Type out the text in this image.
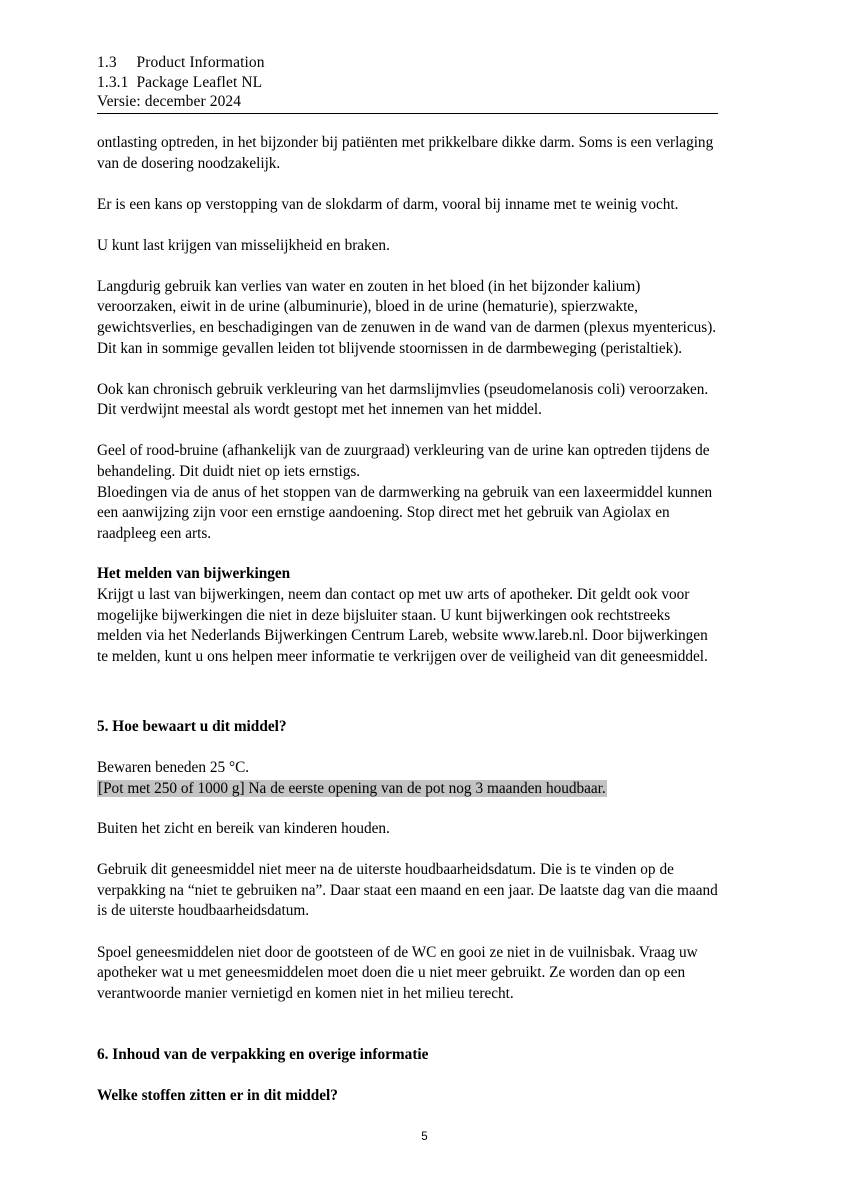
1.3     Product Information
1.3.1  Package Leaflet NL
Versie: december 2024

ontlasting optreden, in het bijzonder bij patiënten met prikkelbare dikke darm. Soms is een verlaging van de dosering noodzakelijk.

Er is een kans op verstopping van de slokdarm of darm, vooral bij inname met te weinig vocht.

U kunt last krijgen van misselijkheid en braken.

Langdurig gebruik kan verlies van water en zouten in het bloed (in het bijzonder kalium) veroorzaken, eiwit in de urine (albuminurie), bloed in de urine (hematurie), spierzwakte, gewichtsverlies, en beschadigingen van de zenuwen in de wand van de darmen (plexus myentericus). Dit kan in sommige gevallen leiden tot blijvende stoornissen in de darmbeweging (peristaltiek).

Ook kan chronisch gebruik verkleuring van het darmslijmvlies (pseudomelanosis coli) veroorzaken. Dit verdwijnt meestal als wordt gestopt met het innemen van het middel.

Geel of rood-bruine (afhankelijk van de zuurgraad) verkleuring van de urine kan optreden tijdens de behandeling. Dit duidt niet op iets ernstigs.

Bloedingen via de anus of het stoppen van de darmwerking na gebruik van een laxeermiddel kunnen een aanwijzing zijn voor een ernstige aandoening. Stop direct met het gebruik van Agiolax en raadpleeg een arts.

Het melden van bijwerkingen

Krijgt u last van bijwerkingen, neem dan contact op met uw arts of apotheker. Dit geldt ook voor mogelijke bijwerkingen die niet in deze bijsluiter staan. U kunt bijwerkingen ook rechtstreeks melden via het Nederlands Bijwerkingen Centrum Lareb, website www.lareb.nl. Door bijwerkingen te melden, kunt u ons helpen meer informatie te verkrijgen over de veiligheid van dit geneesmiddel.

5. Hoe bewaart u dit middel?

Bewaren beneden 25 °C.

[Pot met 250 of 1000 g] Na de eerste opening van de pot nog 3 maanden houdbaar.

Buiten het zicht en bereik van kinderen houden.

Gebruik dit geneesmiddel niet meer na de uiterste houdbaarheidsdatum. Die is te vinden op de verpakking na “niet te gebruiken na”. Daar staat een maand en een jaar. De laatste dag van die maand is de uiterste houdbaarheidsdatum.

Spoel geneesmiddelen niet door de gootsteen of de WC en gooi ze niet in de vuilnisbak. Vraag uw apotheker wat u met geneesmiddelen moet doen die u niet meer gebruikt. Ze worden dan op een verantwoorde manier vernietigd en komen niet in het milieu terecht.

6. Inhoud van de verpakking en overige informatie

Welke stoffen zitten er in dit middel?

5
